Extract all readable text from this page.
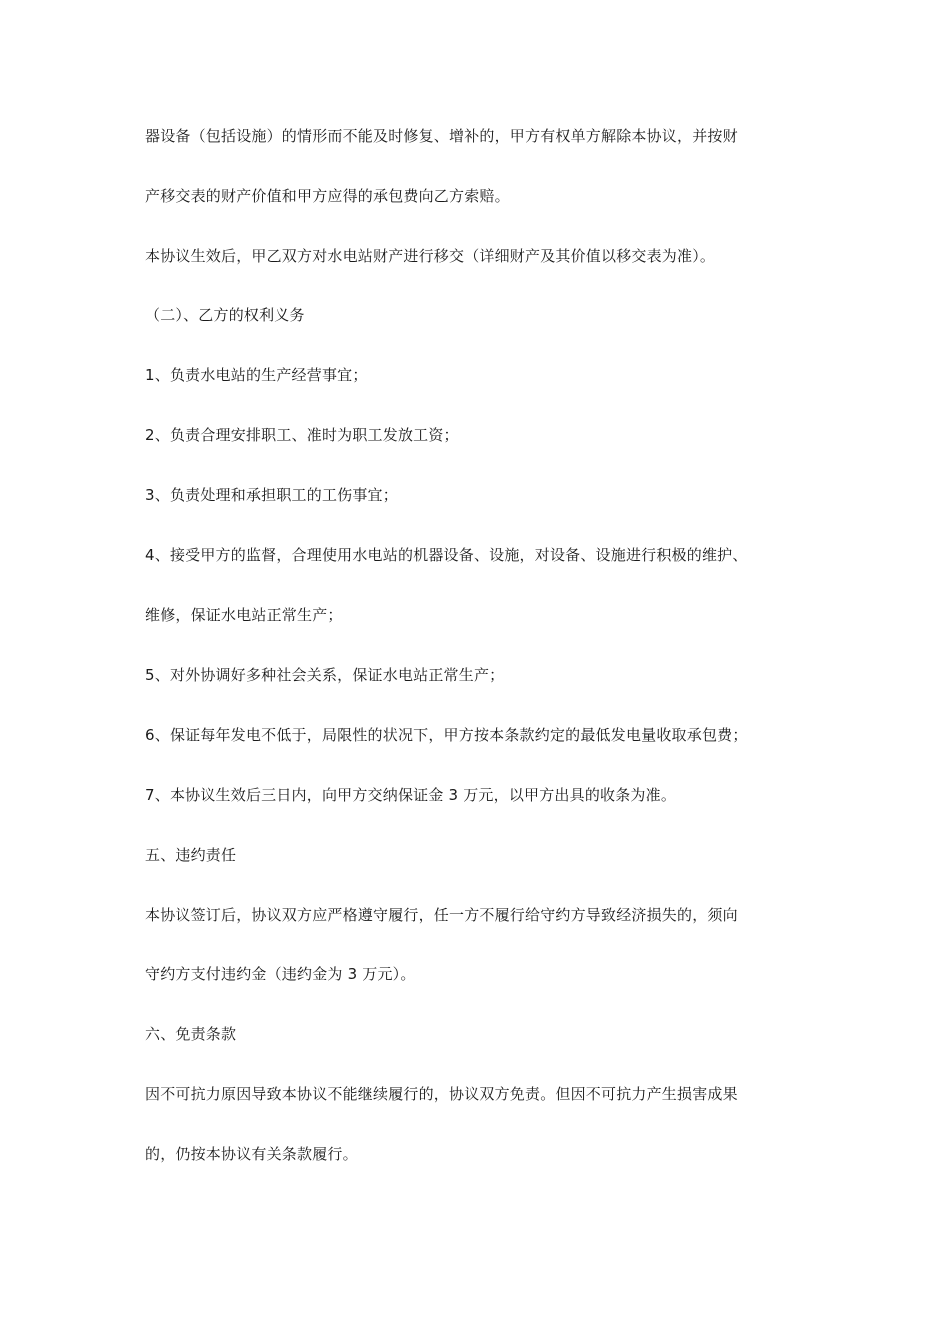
器设备（包括设施）的情形而不能及时修复、增补的，甲方有权单方解除本协议，并按财
产移交表的财产价值和甲方应得的承包费向乙方索赔。
本协议生效后，甲乙双方对水电站财产进行移交（详细财产及其价值以移交表为准）。
（二）、乙方的权利义务
1、负责水电站的生产经营事宜；
2、负责合理安排职工、准时为职工发放工资；
3、负责处理和承担职工的工伤事宜；
4、接受甲方的监督，合理使用水电站的机器设备、设施，对设备、设施进行积极的维护、
维修，保证水电站正常生产；
5、对外协调好多种社会关系，保证水电站正常生产；
6、保证每年发电不低于，局限性的状况下，甲方按本条款约定的最低发电量收取承包费；
7、本协议生效后三日内，向甲方交纳保证金 3 万元，以甲方出具的收条为准。
五、违约责任
本协议签订后，协议双方应严格遵守履行，任一方不履行给守约方导致经济损失的，须向
守约方支付违约金（违约金为 3 万元）。
六、免责条款
因不可抗力原因导致本协议不能继续履行的，协议双方免责。但因不可抗力产生损害成果
的，仍按本协议有关条款履行。
